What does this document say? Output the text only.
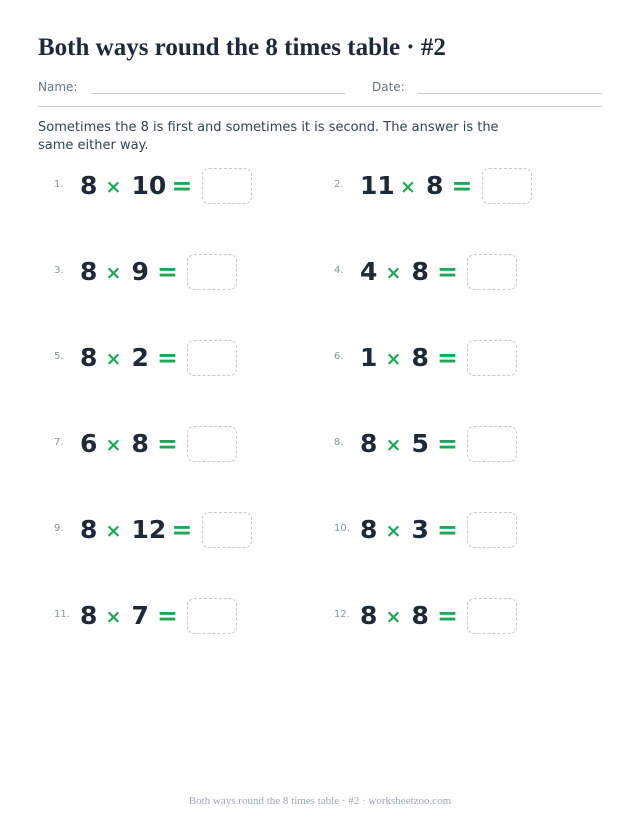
Both ways round the 8 times table · #2
Name:	Date:
Sometimes the 8 is first and sometimes it is second. The answer is the same either way.
1. 8 × 10 =	2. 11 × 8 =
3. 8 × 9 =	4. 4 × 8 =
5. 8 × 2 =	6. 1 × 8 =
7. 6 × 8 =	8. 8 × 5 =
9. 8 × 12 =	10. 8 × 3 =
11. 8 × 7 =	12. 8 × 8 =
Both ways round the 8 times table · #2 · worksheetzoo.com
